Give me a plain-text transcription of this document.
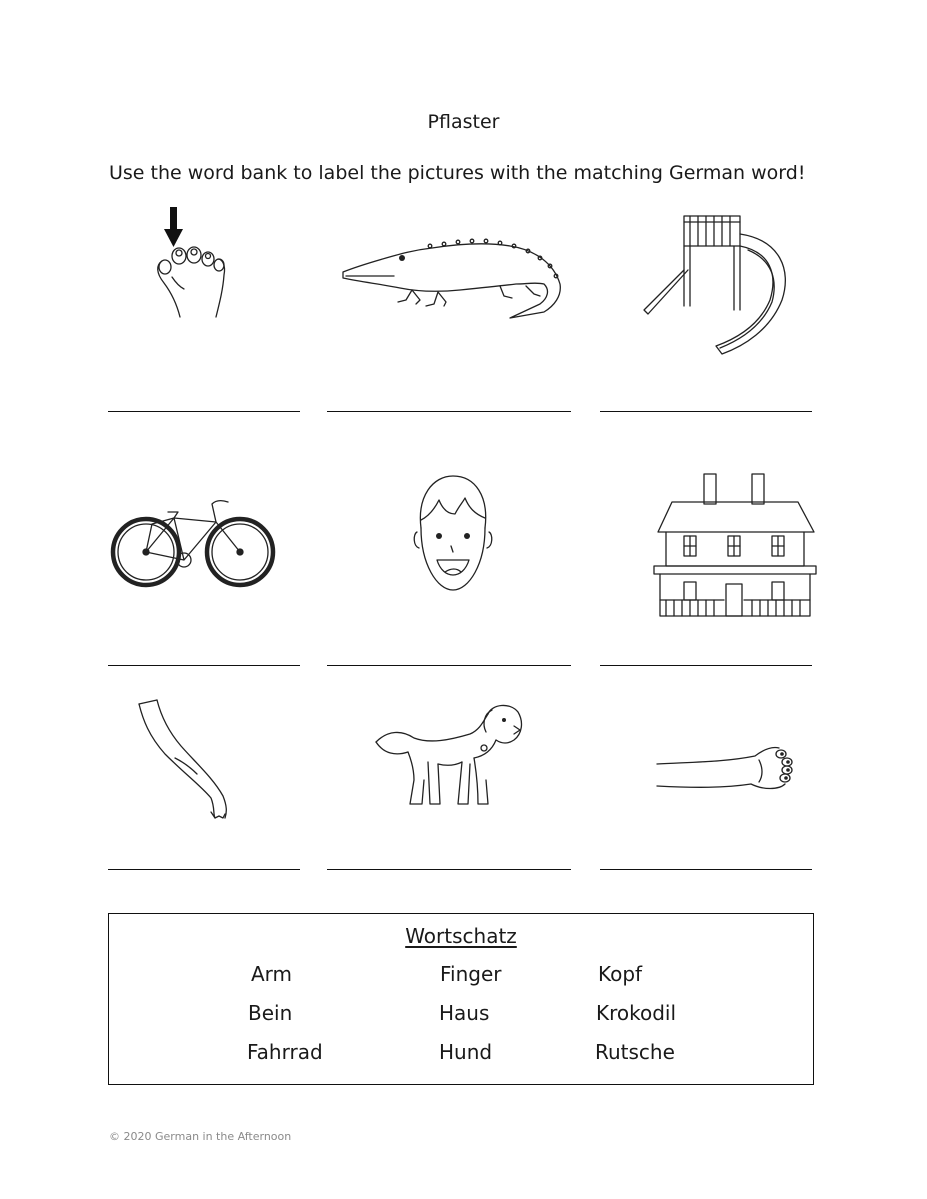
Pflaster
Use the word bank to label the pictures with the matching German word!
Wortschatz
Arm	Finger	Kopf
Bein	Haus	Krokodil
Fahrrad	Hund	Rutsche
© 2020 German in the Afternoon
